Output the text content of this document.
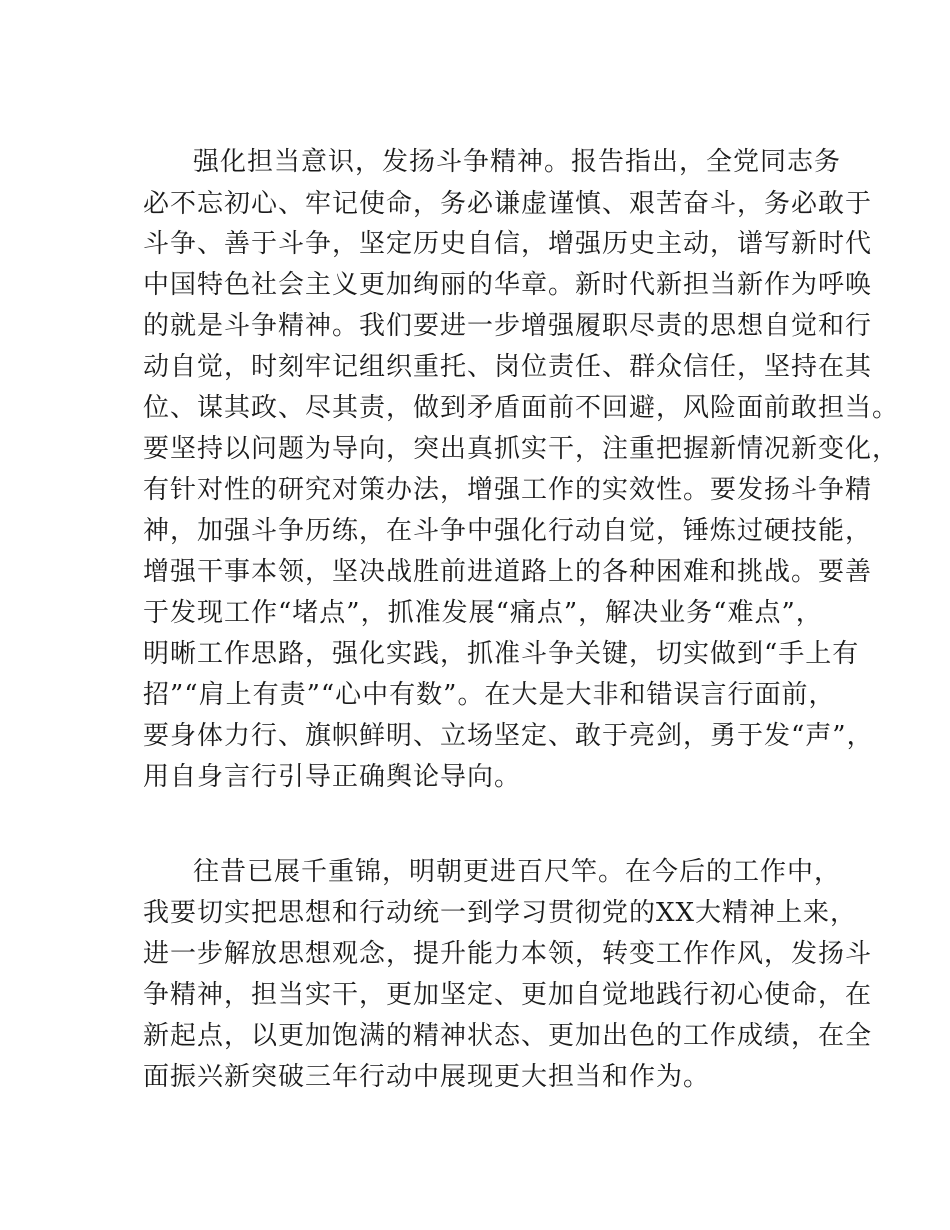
强化担当意识，发扬斗争精神。报告指出，全党同志务
必不忘初心、牢记使命，务必谦虚谨慎、艰苦奋斗，务必敢于
斗争、善于斗争，坚定历史自信，增强历史主动，谱写新时代
中国特色社会主义更加绚丽的华章。新时代新担当新作为呼唤
的就是斗争精神。我们要进一步增强履职尽责的思想自觉和行
动自觉，时刻牢记组织重托、岗位责任、群众信任，坚持在其
位、谋其政、尽其责，做到矛盾面前不回避，风险面前敢担当。
要坚持以问题为导向，突出真抓实干，注重把握新情况新变化，
有针对性的研究对策办法，增强工作的实效性。要发扬斗争精
神，加强斗争历练，在斗争中强化行动自觉，锤炼过硬技能，
增强干事本领，坚决战胜前进道路上的各种困难和挑战。要善
于发现工作“堵点”，抓准发展“痛点”，解决业务“难点”，
明晰工作思路，强化实践，抓准斗争关键，切实做到“手上有
招”“肩上有责”“心中有数”。在大是大非和错误言行面前，
要身体力行、旗帜鲜明、立场坚定、敢于亮剑，勇于发“声”，
用自身言行引导正确舆论导向。
往昔已展千重锦，明朝更进百尺竿。在今后的工作中，
我要切实把思想和行动统一到学习贯彻党的XX大精神上来，
进一步解放思想观念，提升能力本领，转变工作作风，发扬斗
争精神，担当实干，更加坚定、更加自觉地践行初心使命，在
新起点，以更加饱满的精神状态、更加出色的工作成绩，在全
面振兴新突破三年行动中展现更大担当和作为。
